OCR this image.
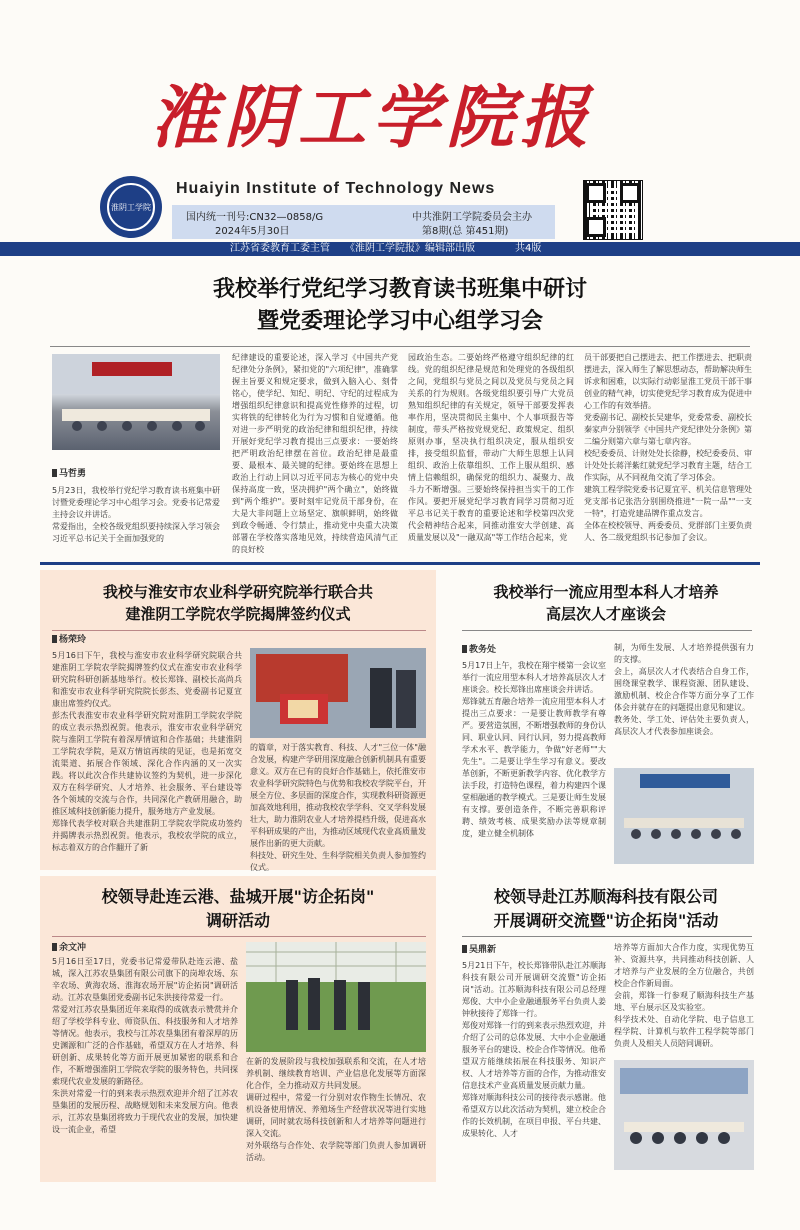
淮阴工学院报
淮阴工学院
Huaiyin Institute of Technology News
国内统一刊号:CN32—0858/G
2024年5月30日
中共淮阴工学院委员会主办
第8期(总 第451期)
江苏省委教育工委主管　　《淮阴工学院报》编辑部出版　　　　共4版
我校举行党纪学习教育读书班集中研讨
暨党委理论学习中心组学习会
马哲勇
5月23日，我校举行党纪学习教育读书班集中研讨暨党委理论学习中心组学习会。党委书记常爱主持会议并讲话。
常爱指出，全校各级党组织要持续深入学习领会习近平总书记关于全面加强党的
纪律建设的重要论述，深入学习《中国共产党纪律处分条例》，紧扣党的"六项纪律"，准确掌握主旨要义和规定要求，做到入脑入心、刻骨铭心，使学纪、知纪、明纪、守纪的过程成为增强组织纪律意识和提高党性修养的过程，切实将铁的纪律转化为行为习惯和自觉遵循。他对进一步严明党的政治纪律和组织纪律，持续开展好党纪学习教育提出三点要求：一要始终把严明政治纪律摆在首位。政治纪律是最重要、最根本、最关键的纪律。要始终在思想上政治上行动上同以习近平同志为核心的党中央保持高度一致，坚决拥护"两个确立"，始终做到"两个维护"。要时刻牢记党员干部身份，在大是大非问题上立场坚定、旗帜鲜明，始终做到政令畅通、令行禁止，推动党中央重大决策部署在学校落实落地见效，持续营造风清气正的良好校
园政治生态。二要始终严格遵守组织纪律的红线。党的组织纪律是规范和处理党的各级组织之间，党组织与党员之间以及党员与党员之间关系的行为规则。各级党组织要引导广大党员熟知组织纪律的有关规定，领导干部要发挥表率作用，坚决贯彻民主集中、个人事项报告等制度，带头严格按党规党纪、政策规定、组织原则办事，坚决执行组织决定，服从组织安排，接受组织监督，带动广大师生思想上认同组织、政治上依靠组织、工作上服从组织、感情上信赖组织，确保党的组织力、凝聚力、战斗力不断增强。三要始终保持担当实干的工作作风。要把开展党纪学习教育同学习贯彻习近平总书记关于教育的重要论述和学校第四次党代会精神结合起来，同推动淮安大学创建、高质量发展以及"一融双高"等工作结合起来，党
员干部要把自己摆进去、把工作摆进去、把职责摆进去，深入师生了解思想动态，帮助解决师生诉求和困难，以实际行动彰显淮工党员干部干事创业的精气神，切实使党纪学习教育成为促进中心工作的有效举措。
党委副书记、副校长吴建华，党委常委、副校长秦家声分别领学《中国共产党纪律处分条例》第二编分则第六章与第七章内容。
校纪委委员、计财处处长徐静，校纪委委员、审计处处长蒋洋紫红就党纪学习教育主题，结合工作实际，从不同视角交流了学习体会。
建筑工程学院党委书记夏宜平、机关信息管理处党支部书记张浩分别围绕推进"一院一品""一支一特"，打造党建品牌作重点发言。
全体在校校领导、两委委员、党群部门主要负责人、各二级党组织书记参加了会议。
我校与淮安市农业科学研究院举行联合共
建淮阴工学院农学院揭牌签约仪式
杨荣玲
5月16日下午，我校与淮安市农业科学研究院联合共建淮阴工学院农学院揭牌签约仪式在淮安市农业科学研究院科研创新基地举行。校长郑锋、副校长高尚兵和淮安市农业科学研究院院长彭杰、党委副书记夏宣康出席签约仪式。
彭杰代表淮安市农业科学研究院对淮阴工学院农学院的成立表示热烈祝贺。他表示，淮安市农业科学研究院与淮阴工学院有着深厚情谊和合作基础；共建淮阴工学院农学院，是双方情谊再续的见证，也是拓宽交流渠道、拓展合作领域、深化合作内涵的又一次实践。将以此次合作共建协议签约为契机，进一步深化双方在科学研究、人才培养、社会服务、平台建设等各个领域的交流与合作，共同深化产教研用融合，助推区域科技创新能力提升，服务地方产业发展。
郑锋代表学校对联合共建淮阴工学院农学院成功签约并揭牌表示热烈祝贺。他表示，我校农学院的成立，标志着双方的合作翻开了新
的篇章，对于落实教育、科技、人才"三位一体"融合发展，构建产学研用深度融合创新机制具有重要意义。双方在已有的良好合作基础上，依托淮安市农业科学研究院特色与优势和我校农学院平台，开展全方位、多层面的深度合作，实现教科研资源更加高效地利用，推动我校农学学科、交叉学科发展壮大，助力淮阴农业人才培养提档升级，促进高水平科研成果的产出，为推动区域现代农业高质量发展作出新的更大贡献。
科技处、研究生处、生科学院相关负责人参加签约仪式。
我校举行一流应用型本科人才培养
高层次人才座谈会
教务处
5月17日上午，我校在翔宇楼第一会议室举行一流应用型本科人才培养高层次人才座谈会。校长郑锋出席座谈会并讲话。
郑锋就五育融合培养一流应用型本科人才提出三点要求：一是要让教师教学有尊严。要营造氛围，不断增强教师的身份认同、职业认同、同行认同，努力提高教师学术水平、教学能力，争做"好老师""大先生"。二是要让学生学习有意义。要改革创新，不断更新教学内容、优化教学方法手段，打造特色课程，着力构建四个课堂相融通的教学模式。三是要让师生发展有支撑。要创造条件，不断完善职称评聘、绩效考核、成果奖励办法等规章制度，建立健全机制体
制，为师生发展、人才培养提供强有力的支撑。
会上，高层次人才代表结合自身工作，围绕课堂教学、课程资源、团队建设、激励机制、校企合作等方面分享了工作体会并就存在的问题提出意见和建议。
教务处、学工处、评估处主要负责人，高层次人才代表参加座谈会。
校领导赴连云港、盐城开展"访企拓岗"
调研活动
余文冲
5月16日至17日，党委书记常爱带队赴连云港、盐城，深入江苏农垦集团有限公司旗下的岗埠农场、东辛农场、黄海农场、淮海农场开展"访企拓岗"调研活动。江苏农垦集团党委副书记朱洪接待常爱一行。
常爱对江苏农垦集团近年来取得的成就表示赞赏并介绍了学校学科专业、师资队伍、科技服务和人才培养等情况。他表示，我校与江苏农垦集团有着深厚的历史渊源和广泛的合作基础，希望双方在人才培养、科研创新、成果转化等方面开展更加紧密的联系和合作，不断增强淮阴工学院农学院的服务特色，共同探索现代农业发展的新路径。
朱洪对常爱一行的到来表示热烈欢迎并介绍了江苏农垦集团的发展历程、战略规划和未来发展方向。他表示，江苏农垦集团将致力于现代农业的发展，加快建设一流企业，希望
在新的发展阶段与我校加强联系和交流，在人才培养机制、继续教育培训、产业信息化发展等方面深化合作，全力推动双方共同发展。
调研过程中，常爱一行分别对农作物生长情况、农机设备使用情况、养殖场生产经营状况等进行实地调研，同时就农场科技创新和人才培养等问题进行深入交流。
对外联络与合作处、农学院等部门负责人参加调研活动。
校领导赴江苏顺海科技有限公司
开展调研交流暨"访企拓岗"活动
吴鼎新
5月21日下午，校长郑锋带队赴江苏顺海科技有限公司开展调研交流暨"访企拓岗"活动。江苏顺海科技有限公司总经理郑俊、大中小企业融通服务平台负责人姜钟秋接待了郑锋一行。
郑俊对郑锋一行的到来表示热烈欢迎，并介绍了公司的总体发展、大中小企业融通服务平台的建设、校企合作等情况。他希望双方能继续拓展在科技服务、知识产权、人才培养等方面的合作，为推动淮安信息技术产业高质量发展贡献力量。
郑锋对顺海科技公司的接待表示感谢。他希望双方以此次活动为契机，建立校企合作的长效机制，在项目申报、平台共建、成果转化、人才
培养等方面加大合作力度，实现优势互补、资源共享，共同推动科技创新、人才培养与产业发展的全方位融合，共创校企合作新局面。
会前，郑锋一行参观了顺海科技生产基地、平台展示区及实验室。
科学技术处、自动化学院、电子信息工程学院、计算机与软件工程学院等部门负责人及相关人员陪同调研。
